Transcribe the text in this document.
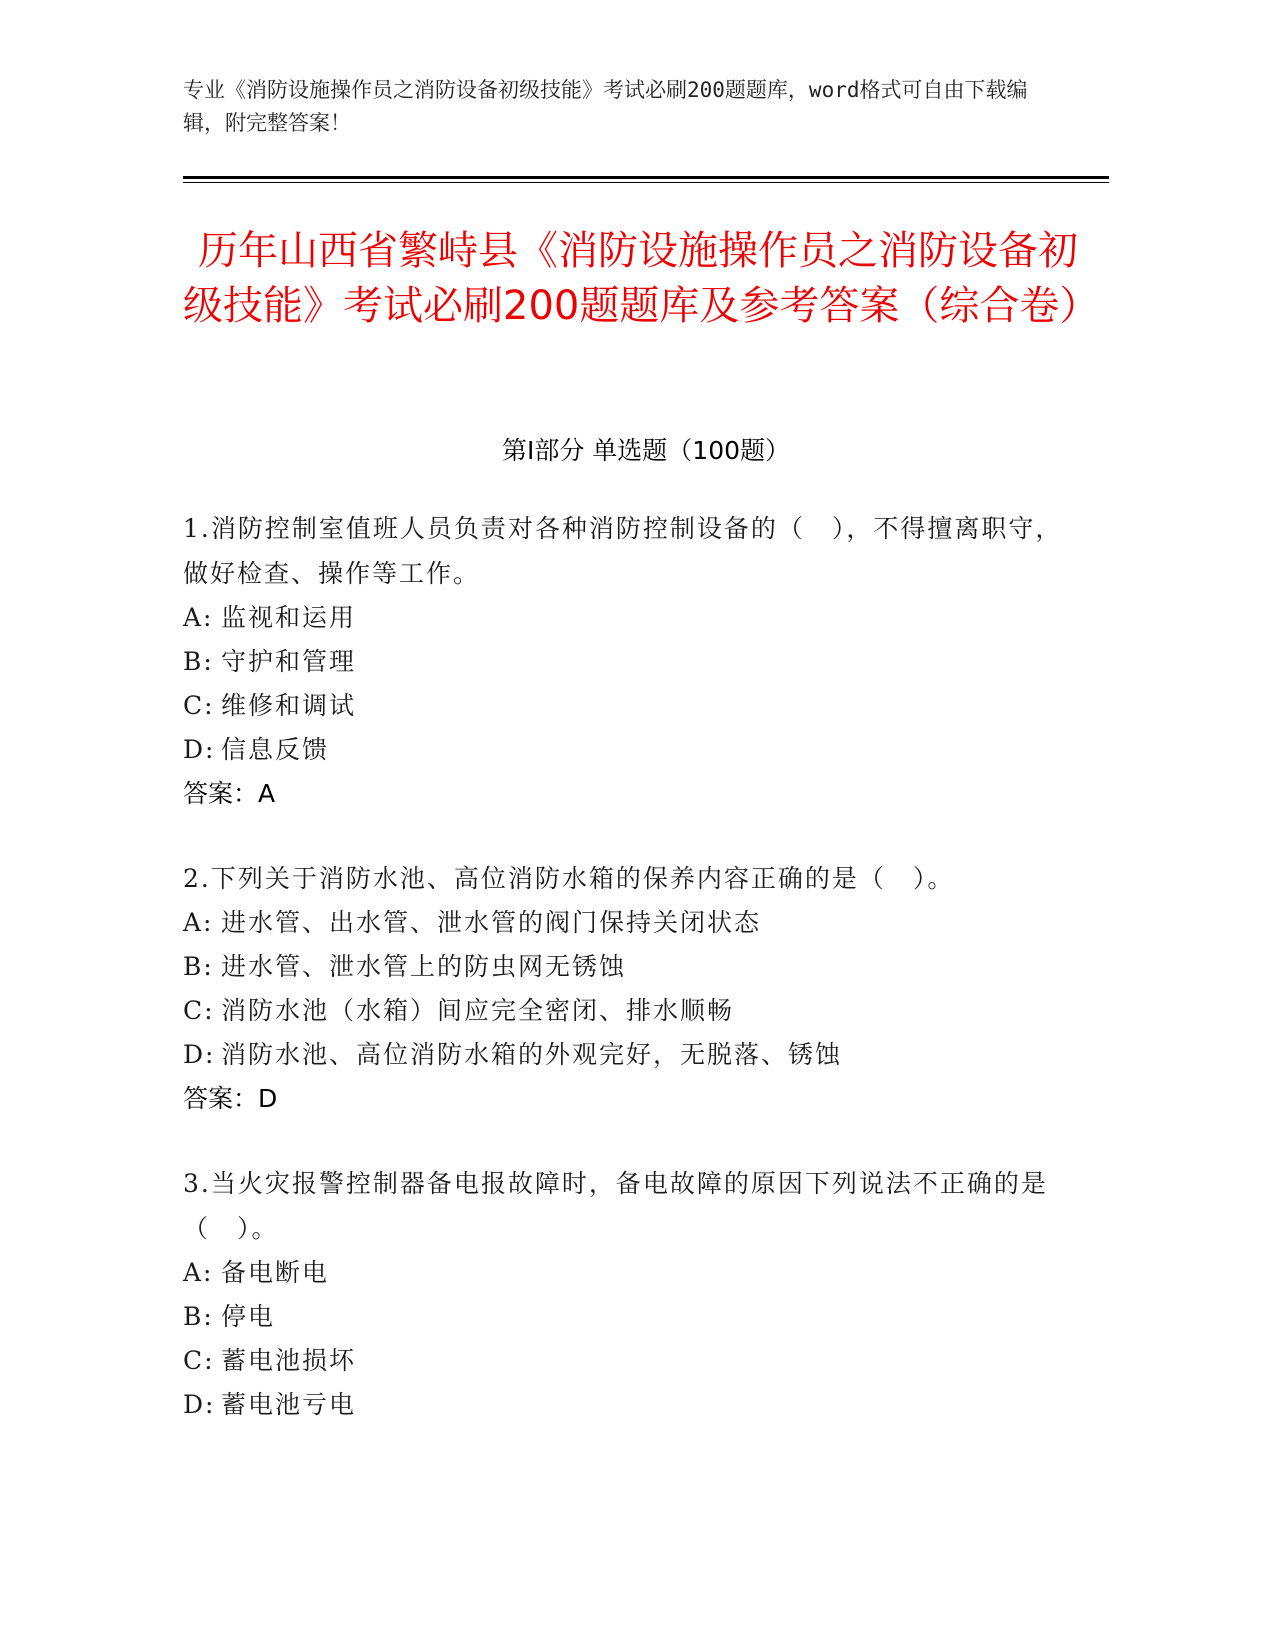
专业《消防设施操作员之消防设备初级技能》考试必刷200题题库，word格式可自由下载编辑，附完整答案！
历年山西省繁峙县《消防设施操作员之消防设备初级技能》考试必刷200题题库及参考答案（综合卷）
第Ⅰ部分 单选题（100题）
1.消防控制室值班人员负责对各种消防控制设备的（　），不得擅离职守，做好检查、操作等工作。
A: 监视和运用
B: 守护和管理
C: 维修和调试
D: 信息反馈
答案：A
2.下列关于消防水池、高位消防水箱的保养内容正确的是（　）。
A: 进水管、出水管、泄水管的阀门保持关闭状态
B: 进水管、泄水管上的防虫网无锈蚀
C: 消防水池（水箱）间应完全密闭、排水顺畅
D: 消防水池、高位消防水箱的外观完好，无脱落、锈蚀
答案：D
3.当火灾报警控制器备电报故障时，备电故障的原因下列说法不正确的是（　）。
A: 备电断电
B: 停电
C: 蓄电池损坏
D: 蓄电池亏电
